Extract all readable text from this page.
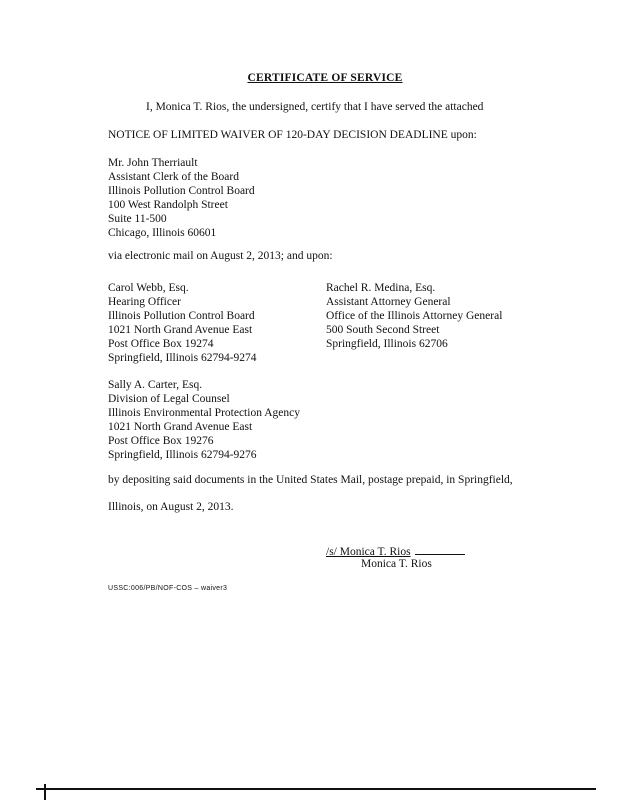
CERTIFICATE OF SERVICE
I, Monica T. Rios, the undersigned, certify that I have served the attached
NOTICE OF LIMITED WAIVER OF 120-DAY DECISION DEADLINE upon:
Mr. John Therriault
Assistant Clerk of the Board
Illinois Pollution Control Board
100 West Randolph Street
Suite 11-500
Chicago, Illinois 60601
via electronic mail on August 2, 2013; and upon:
Carol Webb, Esq.
Hearing Officer
Illinois Pollution Control Board
1021 North Grand Avenue East
Post Office Box 19274
Springfield, Illinois 62794-9274
Rachel R. Medina, Esq.
Assistant Attorney General
Office of the Illinois Attorney General
500 South Second Street
Springfield, Illinois 62706
Sally A. Carter, Esq.
Division of Legal Counsel
Illinois Environmental Protection Agency
1021 North Grand Avenue East
Post Office Box 19276
Springfield, Illinois 62794-9276
by depositing said documents in the United States Mail, postage prepaid, in Springfield,
Illinois, on August 2, 2013.
/s/ Monica T. Rios
Monica T. Rios
USSC:006/PB/NOF-COS – waiver3
